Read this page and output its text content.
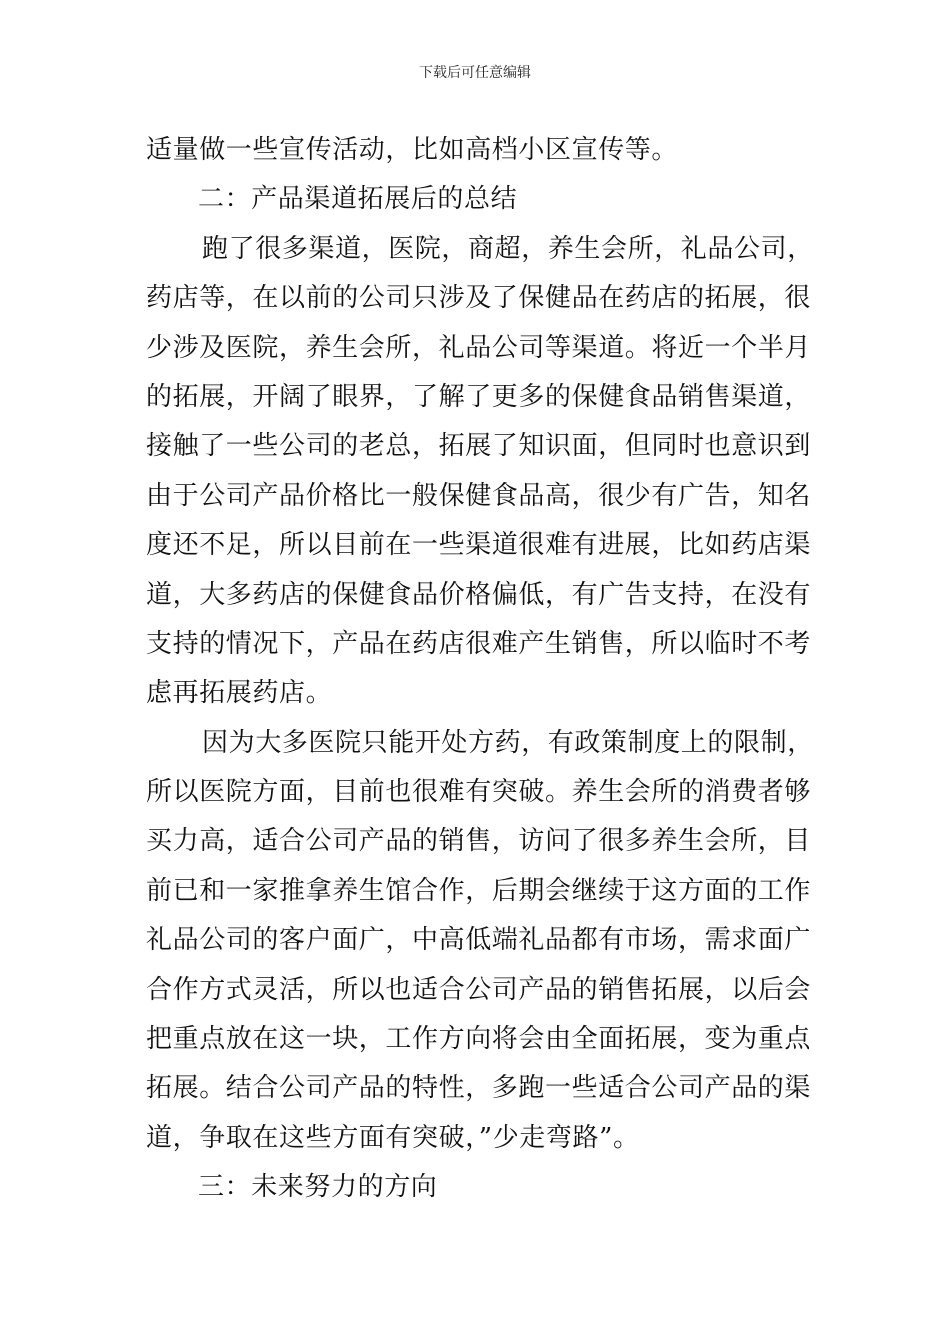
下载后可任意编辑
适量做一些宣传活动，比如高档小区宣传等。
二：产品渠道拓展后的总结
跑了很多渠道，医院，商超，养生会所，礼品公司，
药店等，在以前的公司只涉及了保健品在药店的拓展，很
少涉及医院，养生会所，礼品公司等渠道。将近一个半月
的拓展，开阔了眼界，了解了更多的保健食品销售渠道，
接触了一些公司的老总，拓展了知识面，但同时也意识到
由于公司产品价格比一般保健食品高，很少有广告，知名
度还不足，所以目前在一些渠道很难有进展，比如药店渠
道，大多药店的保健食品价格偏低，有广告支持，在没有
支持的情况下，产品在药店很难产生销售，所以临时不考
虑再拓展药店。
因为大多医院只能开处方药，有政策制度上的限制，
所以医院方面，目前也很难有突破。养生会所的消费者够
买力高，适合公司产品的销售，访问了很多养生会所，目
前已和一家推拿养生馆合作，后期会继续于这方面的工作
礼品公司的客户面广，中高低端礼品都有市场，需求面广
合作方式灵活，所以也适合公司产品的销售拓展，以后会
把重点放在这一块，工作方向将会由全面拓展，变为重点
拓展。结合公司产品的特性，多跑一些适合公司产品的渠
道，争取在这些方面有突破，”少走弯路”。
三：未来努力的方向
